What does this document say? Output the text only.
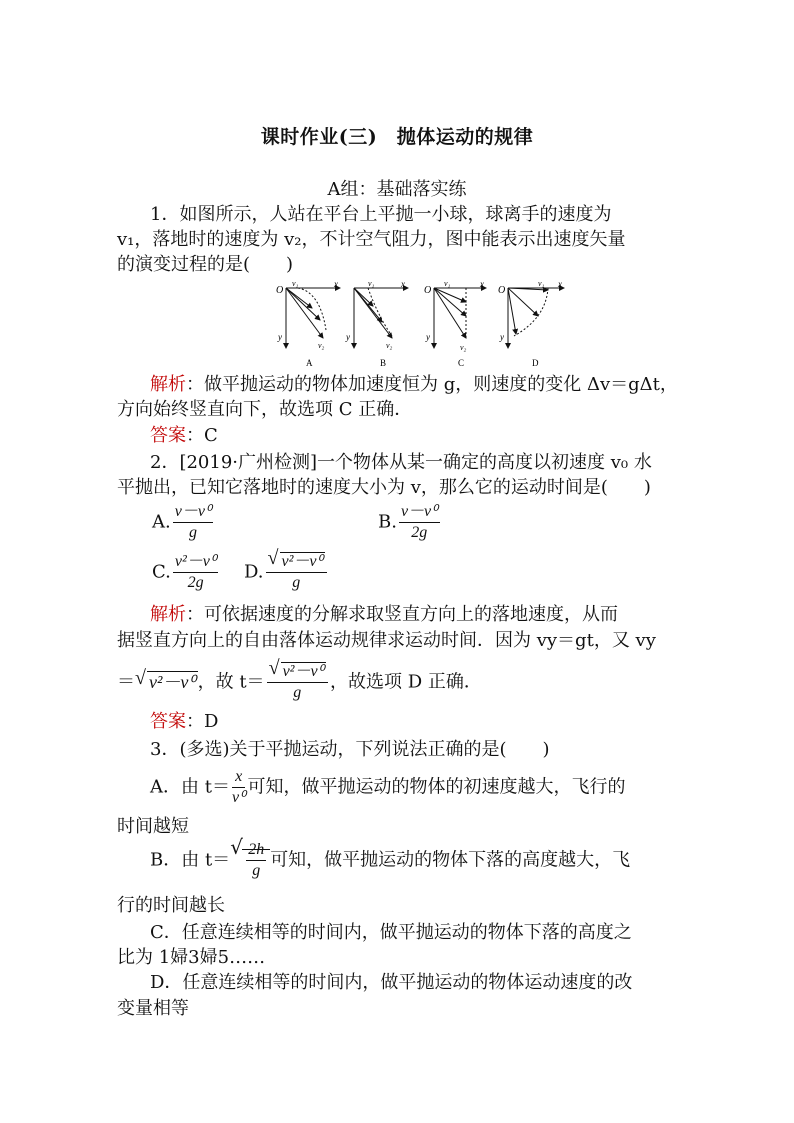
课时作业(三)　抛体运动的规律
A组：基础落实练
1．如图所示，人站在平台上平抛一小球，球离手的速度为
v₁，落地时的速度为 v₂，不计空气阻力，图中能表示出速度矢量
的演变过程的是(　　)
O
x
y
v₁
v₂
A
x
y
v₁
v₂
B
O
x
y
v₁
v₂
C
O
x
y
v₁
D
解析：做平抛运动的物体加速度恒为 g，则速度的变化 Δv＝gΔt，
方向始终竖直向下，故选项 C 正确．
答案：C
2．[2019·广州检测]一个物体从某一确定的高度以初速度 v₀ 水
平抛出，已知它落地时的速度大小为 v，那么它的运动时间是(　　)
A. $\frac{\text{v－v⁰}}{g}$	B. $\frac{\text{v－v⁰}}{2g}$
C. $\frac{\text{v²－v⁰}}{2g} D$. √ $\frac{\text{v²－v⁰}}{g}$
解析：可依据速度的分解求取竖直方向上的落地速度，从而
据竖直方向上的自由落体运动规律求运动时间．因为 vy＝gt，又 vy
＝ √ v²－v⁰ ，故 t＝ √ $\frac{\text{v²－v⁰}}{g}$ ，故选项 D 正确．
答案：D
3．(多选)关于平抛运动，下列说法正确的是(　　)
A．由 $t= \frac{x}{\text{v⁰}}$ 可知，做平抛运动的物体的初速度越大，飞行的
时间越短
B．由 t＝ √ $\frac{2h}{g}$ 可知，做平抛运动的物体下落的高度越大，飞
行的时间越长
C．任意连续相等的时间内，做平抛运动的物体下落的高度之
比为 1婦3婦5……
D．任意连续相等的时间内，做平抛运动的物体运动速度的改
变量相等
